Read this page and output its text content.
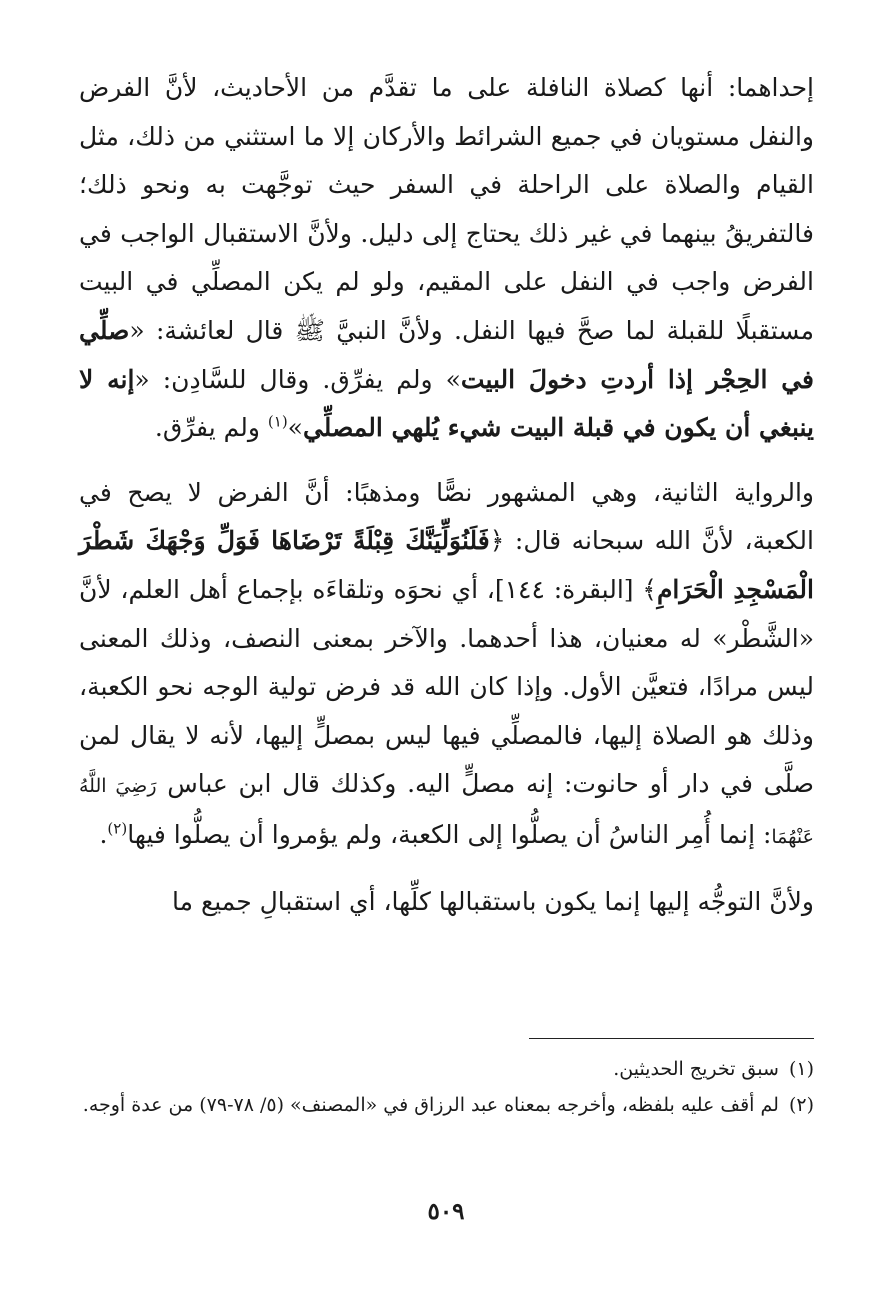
إحداهما: أنها كصلاة النافلة على ما تقدَّم من الأحاديث، لأنَّ الفرض والنفل مستويان في جميع الشرائط والأركان إلا ما استثني من ذلك، مثل القيام والصلاة على الراحلة في السفر حيث توجَّهت به ونحو ذلك؛ فالتفريقُ بينهما في غير ذلك يحتاج إلى دليل. ولأنَّ الاستقبال الواجب في الفرض واجب في النفل على المقيم، ولو لم يكن المصلِّي في البيت مستقبلًا للقبلة لما صحَّ فيها النفل. ولأنَّ النبيَّ ﷺ قال لعائشة: «صلِّي في الحِجْر إذا أردتِ دخولَ البيت» ولم يفرِّق. وقال للسَّادِن: «إنه لا ينبغي أن يكون في قبلة البيت شيء يُلهي المصلِّي»$^{(١)}$ ولم يفرِّق.

والرواية الثانية، وهي المشهور نصًّا ومذهبًا: أنَّ الفرض لا يصح في الكعبة، لأنَّ الله سبحانه قال: ﴿فَلَنُوَلِّيَنَّكَ قِبْلَةً تَرْضَاهَا فَوَلِّ وَجْهَكَ شَطْرَ الْمَسْجِدِ الْحَرَامِ﴾ [البقرة: ١٤٤]، أي نحوَه وتلقاءَه بإجماع أهل العلم، لأنَّ «الشَّطْر» له معنيان، هذا أحدهما. والآخر بمعنى النصف، وذلك المعنى ليس مرادًا، فتعيَّن الأول. وإذا كان الله قد فرض تولية الوجه نحو الكعبة، وذلك هو الصلاة إليها، فالمصلِّي فيها ليس بمصلٍّ إليها، لأنه لا يقال لمن صلَّى في دار أو حانوت: إنه مصلٍّ اليه. وكذلك قال ابن عباس رَضِيَ اللَّهُ عَنْهُمَا: إنما أُمِر الناسُ أن يصلُّوا إلى الكعبة، ولم يؤمروا أن يصلُّوا فيها$^{(٢)}$.

ولأنَّ التوجُّه إليها إنما يكون باستقبالها كلِّها، أي استقبالِ جميع ما

(١)سبق تخريج الحديثين.

(٢)لم أقف عليه بلفظه، وأخرجه بمعناه عبد الرزاق في «المصنف» (٥/ ٧٨-٧٩) من عدة أوجه.

٥٠٩
